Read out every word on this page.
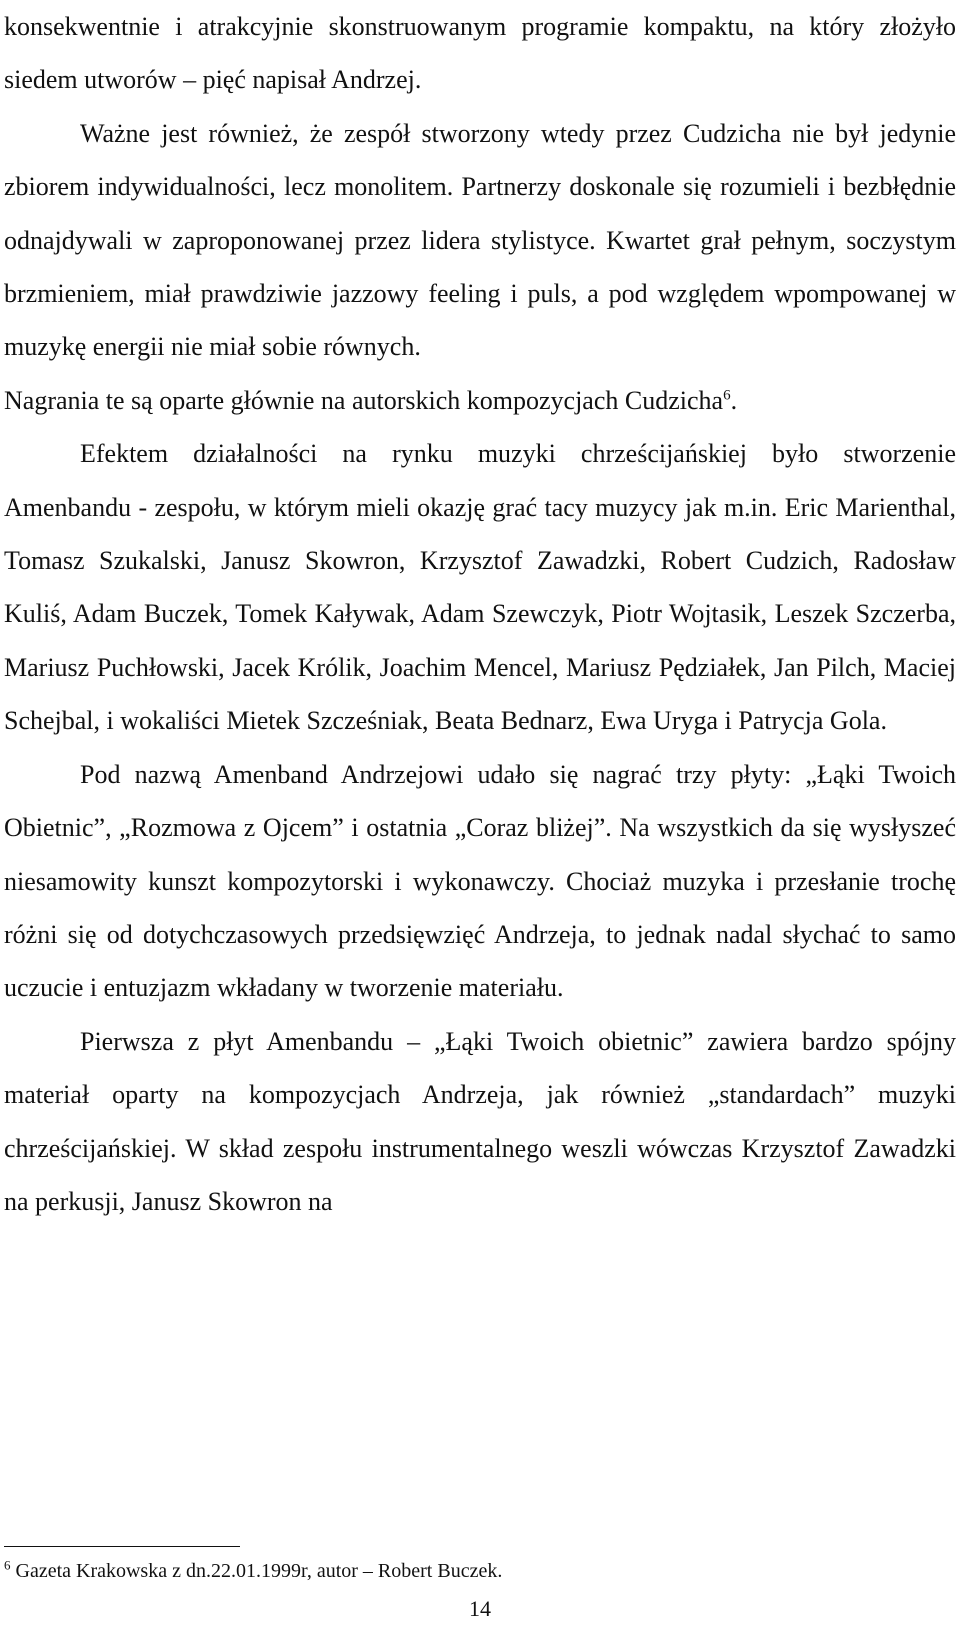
konsekwentnie i atrakcyjnie skonstruowanym programie kompaktu, na który złożyło siedem utworów – pięć napisał Andrzej.

Ważne jest również, że zespół stworzony wtedy przez Cudzicha nie był jedynie zbiorem indywidualności, lecz monolitem. Partnerzy doskonale się rozumieli i bezbłędnie odnajdywali w zaproponowanej przez lidera stylistyce. Kwartet grał pełnym, soczystym brzmieniem, miał prawdziwie jazzowy feeling i puls, a pod względem wpompowanej w muzykę energii nie miał sobie równych.

Nagrania te są oparte głównie na autorskich kompozycjach Cudzicha$^6$.

Efektem działalności na rynku muzyki chrześcijańskiej było stworzenie Amenbandu - zespołu, w którym mieli okazję grać tacy muzycy jak m.in. Eric Marienthal, Tomasz Szukalski, Janusz Skowron, Krzysztof Zawadzki, Robert Cudzich, Radosław Kuliś, Adam Buczek, Tomek Kaływak, Adam Szewczyk, Piotr Wojtasik, Leszek Szczerba, Mariusz Puchłowski, Jacek Królik, Joachim Mencel, Mariusz Pędziałek, Jan Pilch, Maciej Schejbal, i wokaliści Mietek Szcześniak, Beata Bednarz, Ewa Uryga i Patrycja Gola.

Pod nazwą Amenband Andrzejowi udało się nagrać trzy płyty: „Łąki Twoich Obietnic”, „Rozmowa z Ojcem” i ostatnia „Coraz bliżej”. Na wszystkich da się wysłyszeć niesamowity kunszt kompozytorski i wykonawczy. Chociaż muzyka i przesłanie trochę różni się od dotychczasowych przedsięwzięć Andrzeja, to jednak nadal słychać to samo uczucie i entuzjazm wkładany w tworzenie materiału.

Pierwsza z płyt Amenbandu – „Łąki Twoich obietnic” zawiera bardzo spójny materiał oparty na kompozycjach Andrzeja, jak również „standardach” muzyki chrześcijańskiej. W skład zespołu instrumentalnego weszli wówczas Krzysztof Zawadzki na perkusji, Janusz Skowron na

$^6$ Gazeta Krakowska z dn.22.01.1999r, autor – Robert Buczek.
14
